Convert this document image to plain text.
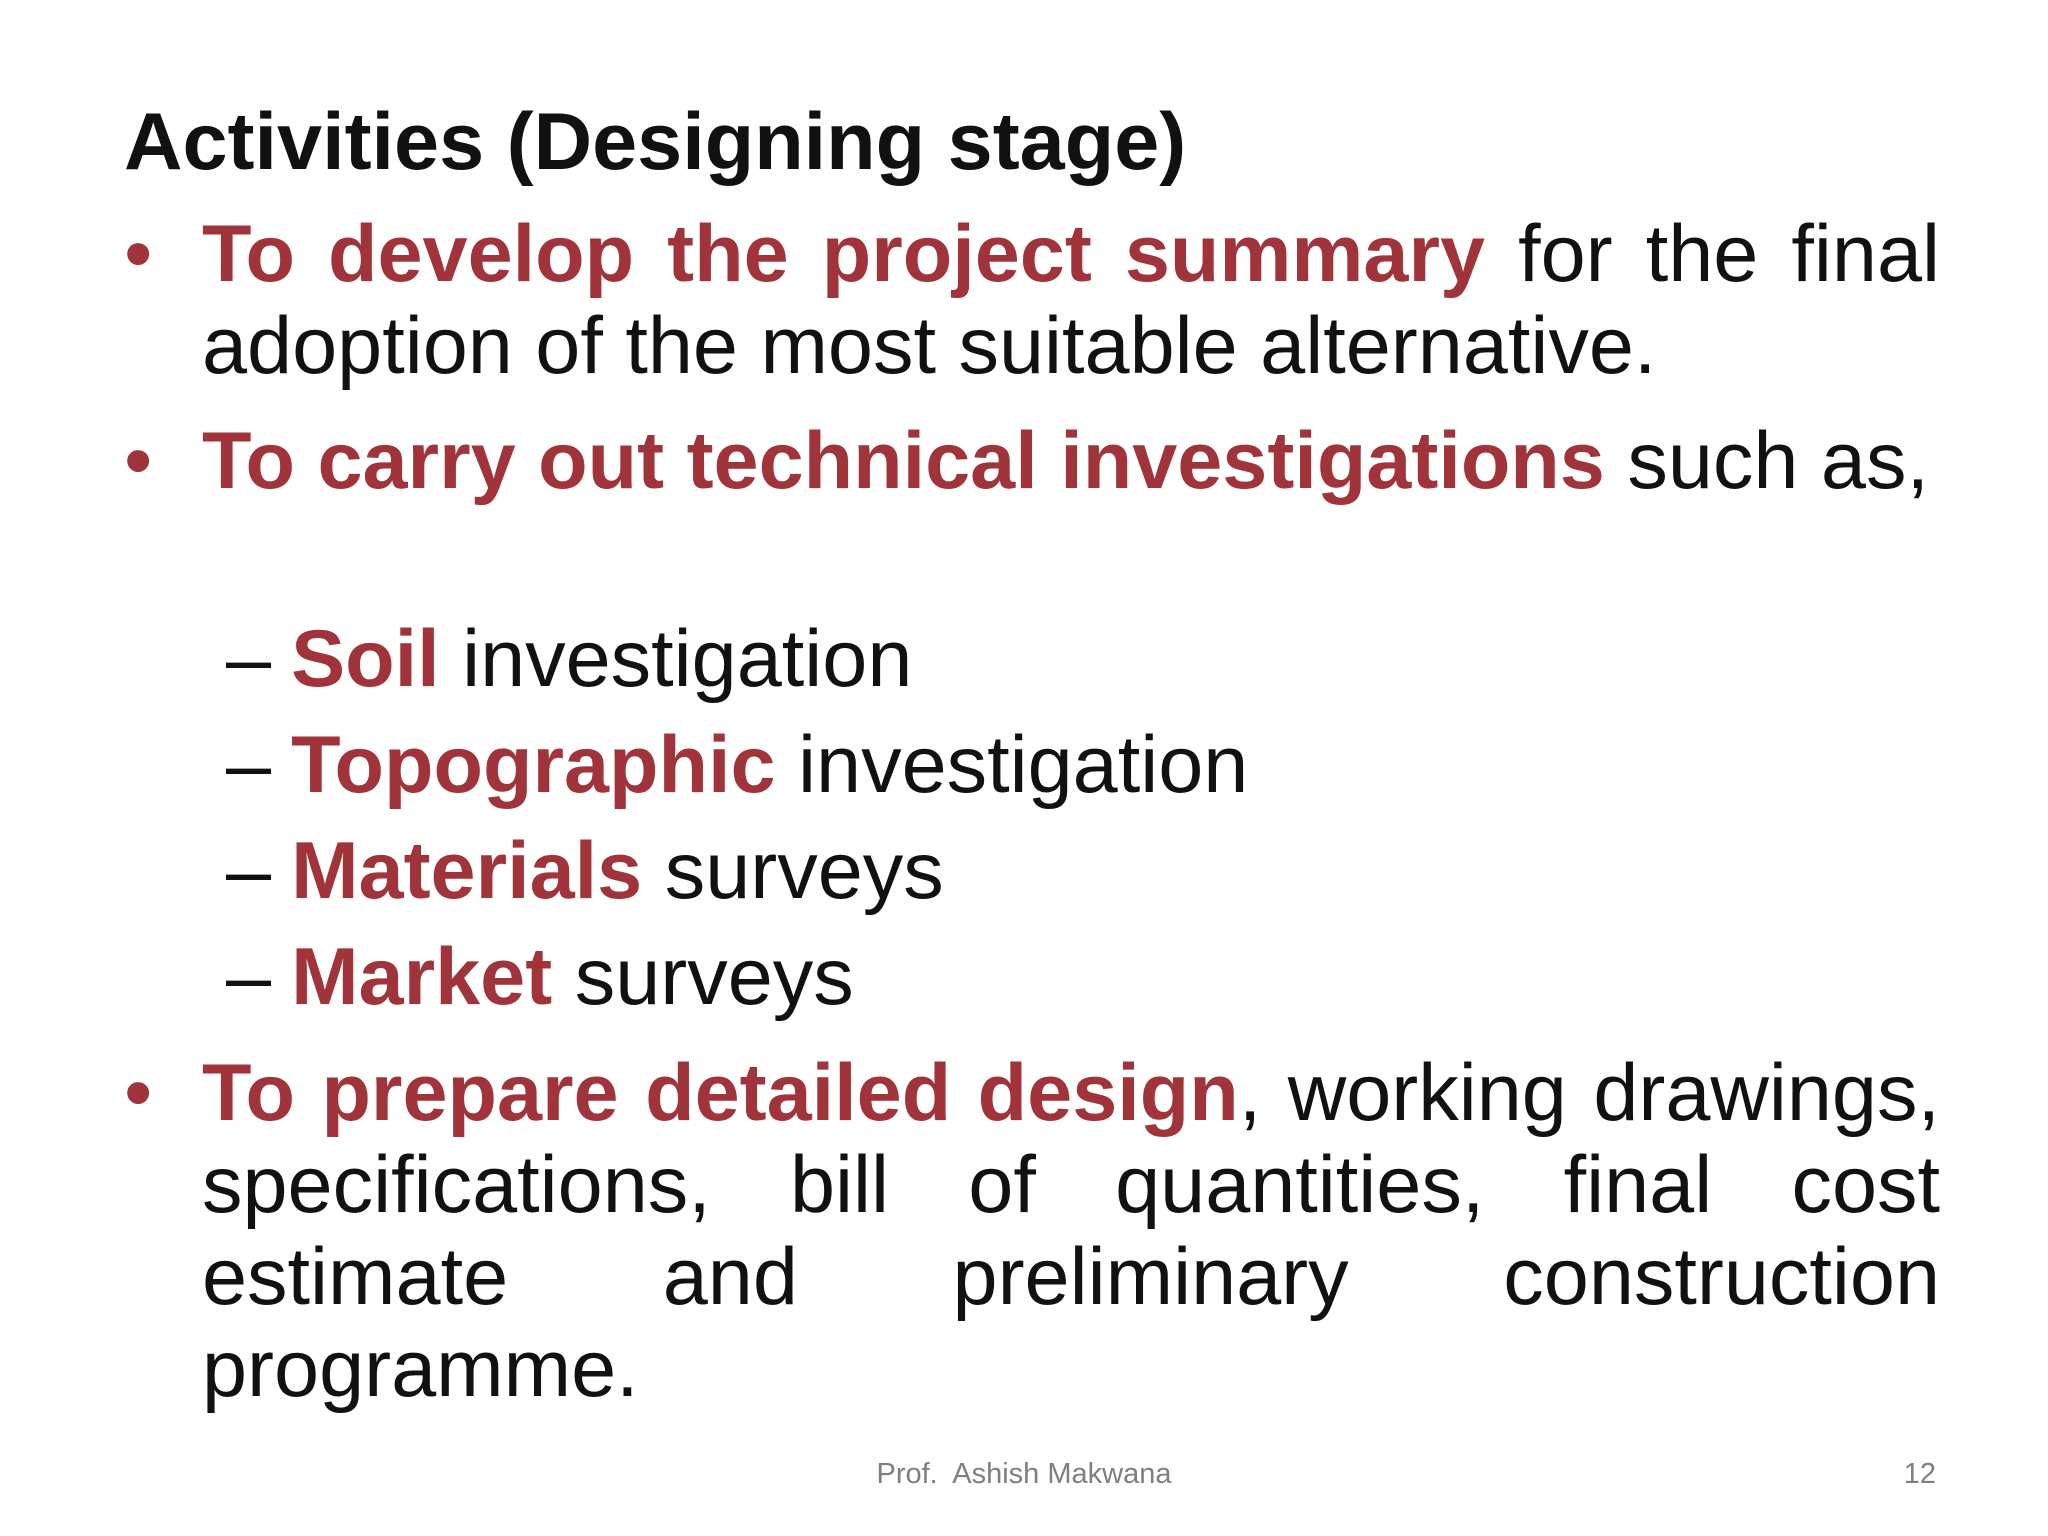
Activities (Designing stage)
• To develop the project summary for the final adoption of the most suitable alternative.
• To carry out technical investigations such as,
– Soil investigation
– Topographic investigation
– Materials surveys
– Market surveys
• To prepare detailed design, working drawings, specifications, bill of quantities, final cost estimate and preliminary construction programme.
Prof.  Ashish Makwana	12
